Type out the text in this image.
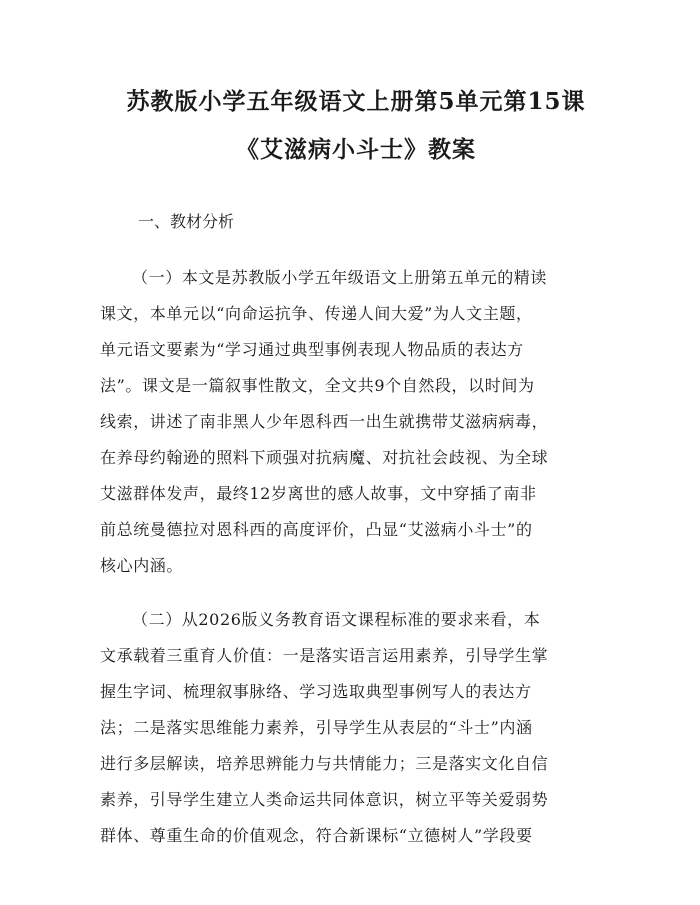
苏教版小学五年级语文上册第5单元第15课
《艾滋病小斗士》教案
一、教材分析
（一）本文是苏教版小学五年级语文上册第五单元的精读
课文，本单元以“向命运抗争、传递人间大爱”为人文主题，
单元语文要素为“学习通过典型事例表现人物品质的表达方
法”。课文是一篇叙事性散文，全文共9个自然段，以时间为
线索，讲述了南非黑人少年恩科西一出生就携带艾滋病病毒，
在养母约翰逊的照料下顽强对抗病魔、对抗社会歧视、为全球
艾滋群体发声，最终12岁离世的感人故事，文中穿插了南非
前总统曼德拉对恩科西的高度评价，凸显“艾滋病小斗士”的
核心内涵。
（二）从2026版义务教育语文课程标准的要求来看，本
文承载着三重育人价值：一是落实语言运用素养，引导学生掌
握生字词、梳理叙事脉络、学习选取典型事例写人的表达方
法；二是落实思维能力素养，引导学生从表层的“斗士”内涵
进行多层解读，培养思辨能力与共情能力；三是落实文化自信
素养，引导学生建立人类命运共同体意识，树立平等关爱弱势
群体、尊重生命的价值观念，符合新课标“立德树人”学段要
